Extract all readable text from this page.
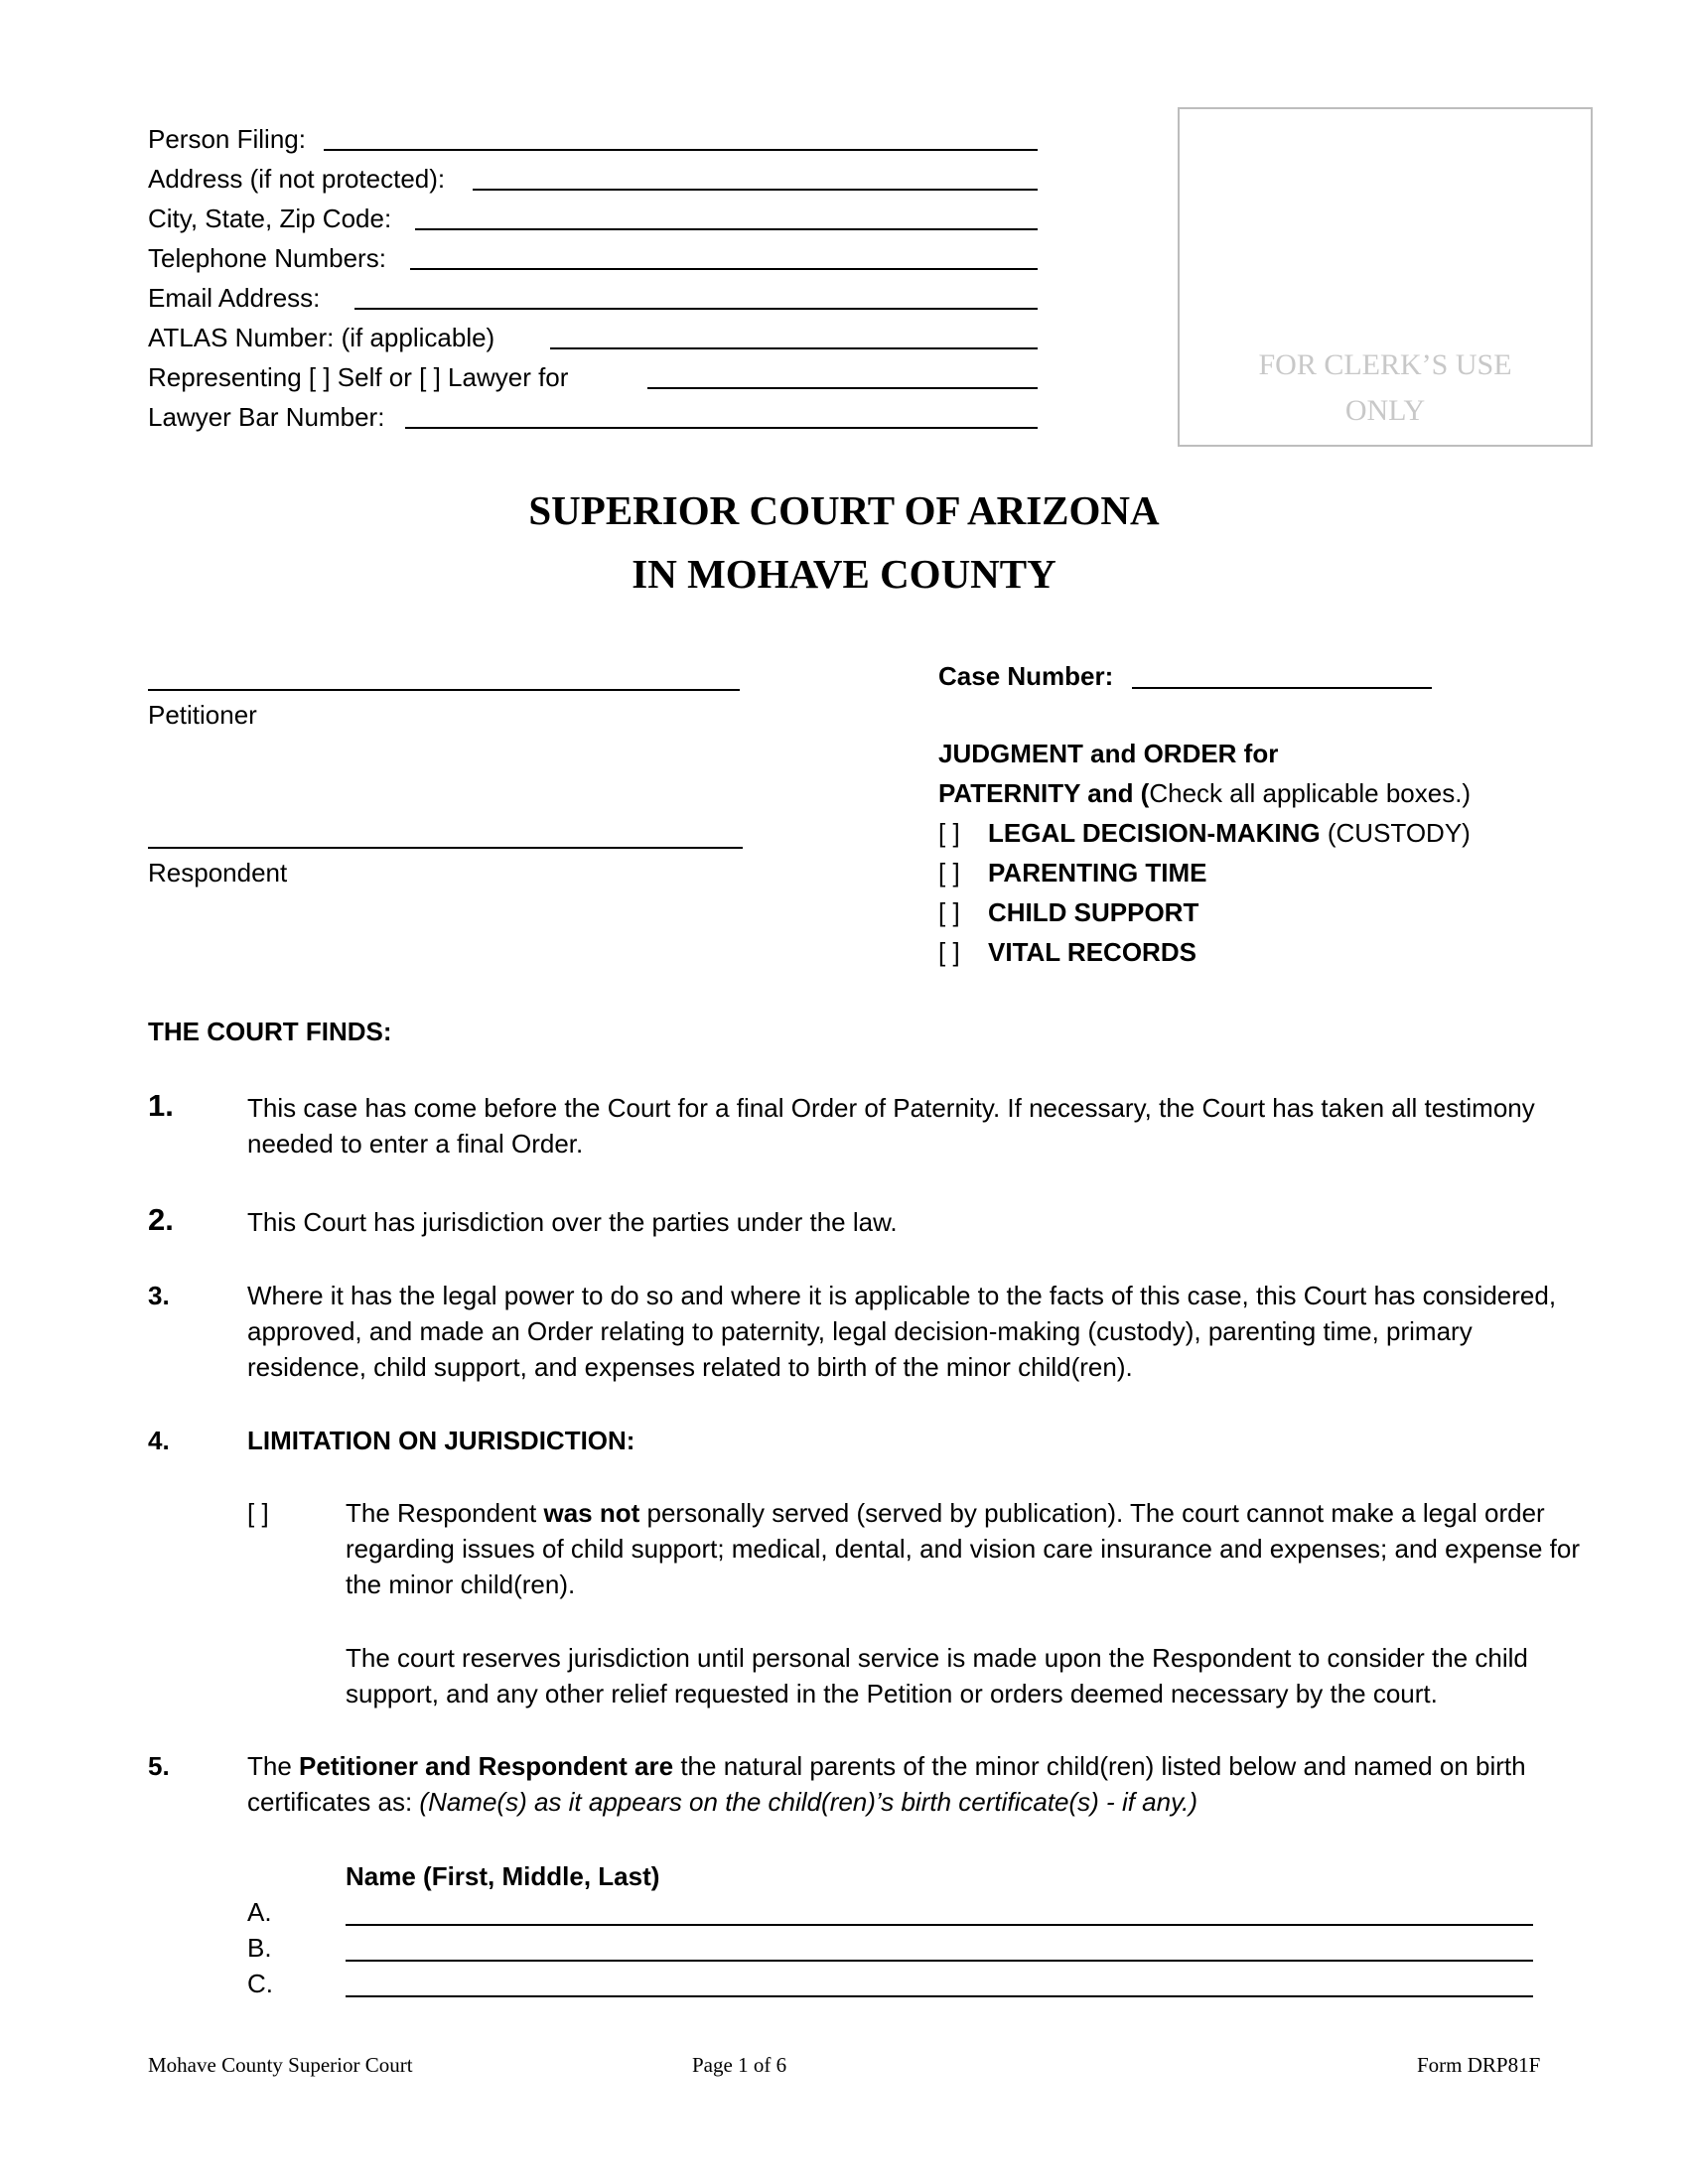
Person Filing:
Address (if not protected):
City, State, Zip Code:
Telephone Numbers:
Email Address:
ATLAS Number: (if applicable)
Representing [ ] Self or [ ] Lawyer for
Lawyer Bar Number:
FOR CLERK’S USE
ONLY
SUPERIOR COURT OF ARIZONA
IN MOHAVE COUNTY
Petitioner
Respondent
Case Number:
JUDGMENT and ORDER for
PATERNITY and (Check all applicable boxes.)
[ ] LEGAL DECISION-MAKING (CUSTODY)
[ ] PARENTING TIME
[ ] CHILD SUPPORT
[ ] VITAL RECORDS
THE COURT FINDS:
1.	This case has come before the Court for a final Order of Paternity. If necessary, the Court has taken all testimony needed to enter a final Order.
2.	This Court has jurisdiction over the parties under the law.
3.	Where it has the legal power to do so and where it is applicable to the facts of this case, this Court has considered, approved, and made an Order relating to paternity, legal decision-making (custody), parenting time, primary residence, child support, and expenses related to birth of the minor child(ren).
4.	LIMITATION ON JURISDICTION:
[ ]	The Respondent was not personally served (served by publication). The court cannot make a legal order regarding issues of child support; medical, dental, and vision care insurance and expenses; and expense for the minor child(ren).
The court reserves jurisdiction until personal service is made upon the Respondent to consider the child support, and any other relief requested in the Petition or orders deemed necessary by the court.
5.	The Petitioner and Respondent are the natural parents of the minor child(ren) listed below and named on birth certificates as: (Name(s) as it appears on the child(ren)’s birth certificate(s) - if any.)
Name (First, Middle, Last)
A.
B.
C.
Mohave County Superior Court	Page 1 of 6	Form DRP81F
